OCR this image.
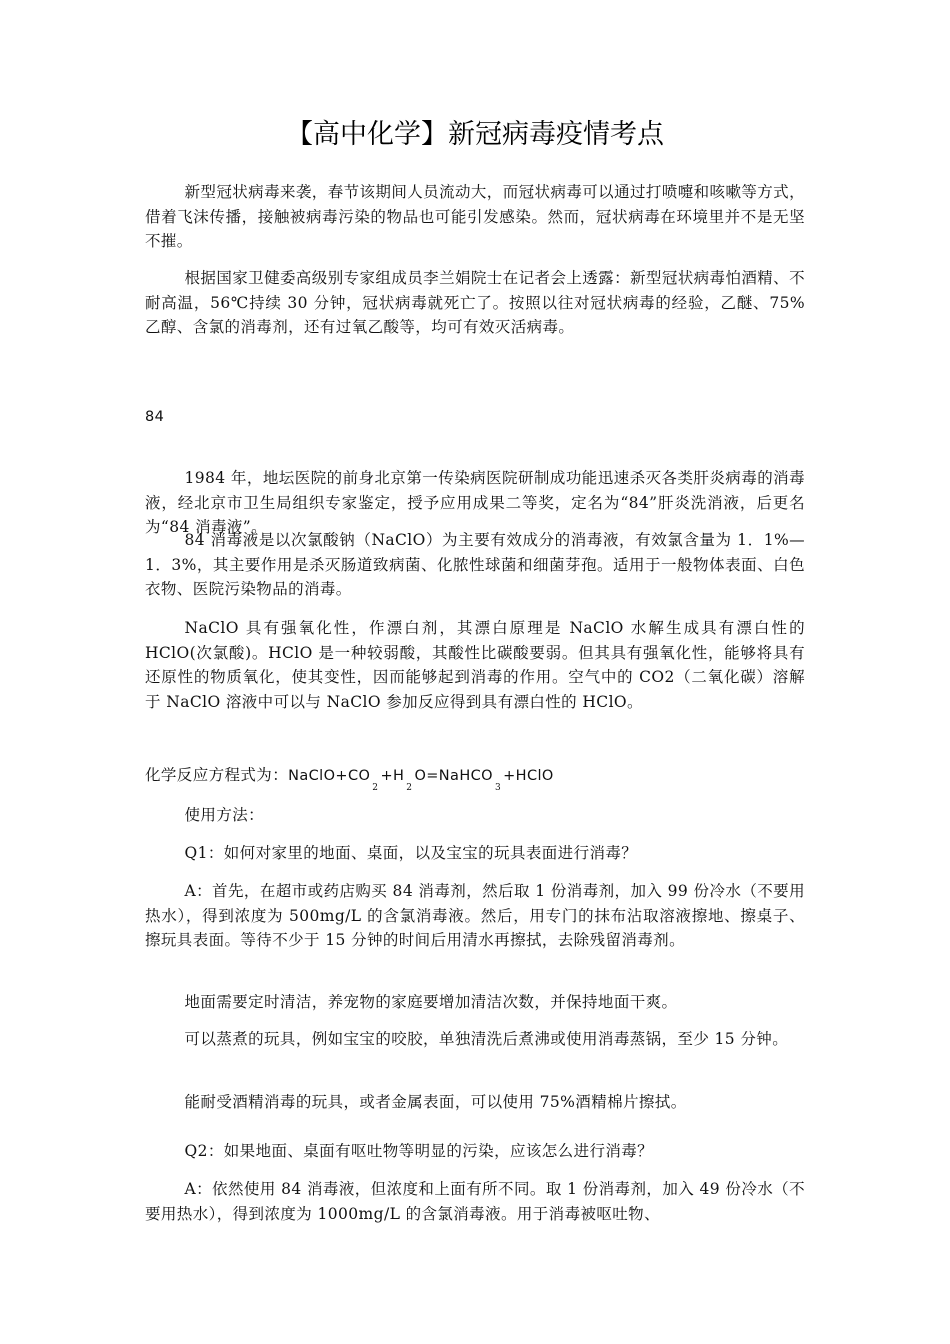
【高中化学】新冠病毒疫情考点

新型冠状病毒来袭，春节该期间人员流动大，而冠状病毒可以通过打喷嚏和咳嗽等方式，借着飞沫传播，接触被病毒污染的物品也可能引发感染。然而，冠状病毒在环境里并不是无坚不摧。

根据国家卫健委高级别专家组成员李兰娟院士在记者会上透露：新型冠状病毒怕酒精、不耐高温，56℃持续 30 分钟，冠状病毒就死亡了。按照以往对冠状病毒的经验，乙醚、75%乙醇、含氯的消毒剂，还有过氧乙酸等，均可有效灭活病毒。

84

1984 年，地坛医院的前身北京第一传染病医院研制成功能迅速杀灭各类肝炎病毒的消毒液，经北京市卫生局组织专家鉴定，授予应用成果二等奖，定名为“84”肝炎洗消液，后更名为“84 消毒液”。

84 消毒液是以次氯酸钠（NaClO）为主要有效成分的消毒液，有效氯含量为 1．1%—1．3%，其主要作用是杀灭肠道致病菌、化脓性球菌和细菌芽孢。适用于一般物体表面、白色衣物、医院污染物品的消毒。

NaClO 具有强氧化性，作漂白剂，其漂白原理是 NaClO 水解生成具有漂白性的 HClO(次氯酸)。HClO 是一种较弱酸，其酸性比碳酸要弱。但其具有强氧化性，能够将具有还原性的物质氧化，使其变性，因而能够起到消毒的作用。空气中的 CO2（二氧化碳）溶解于 NaClO 溶液中可以与 NaClO 参加反应得到具有漂白性的 HClO。

化学反应方程式为：$NaClO+CO_2+H_2O=NaHCO_3+HClO$

使用方法：

Q1：如何对家里的地面、桌面，以及宝宝的玩具表面进行消毒？

A：首先，在超市或药店购买 84 消毒剂，然后取 1 份消毒剂，加入 99 份冷水（不要用热水），得到浓度为 500mg/L 的含氯消毒液。然后，用专门的抹布沾取溶液擦地、擦桌子、擦玩具表面。等待不少于 15 分钟的时间后用清水再擦拭，去除残留消毒剂。

地面需要定时清洁，养宠物的家庭要增加清洁次数，并保持地面干爽。

可以蒸煮的玩具，例如宝宝的咬胶，单独清洗后煮沸或使用消毒蒸锅，至少 15 分钟。

能耐受酒精消毒的玩具，或者金属表面，可以使用 75%酒精棉片擦拭。

Q2：如果地面、桌面有呕吐物等明显的污染，应该怎么进行消毒？

A：依然使用 84 消毒液，但浓度和上面有所不同。取 1 份消毒剂，加入 49 份冷水（不要用热水），得到浓度为 1000mg/L 的含氯消毒液。用于消毒被呕吐物、
